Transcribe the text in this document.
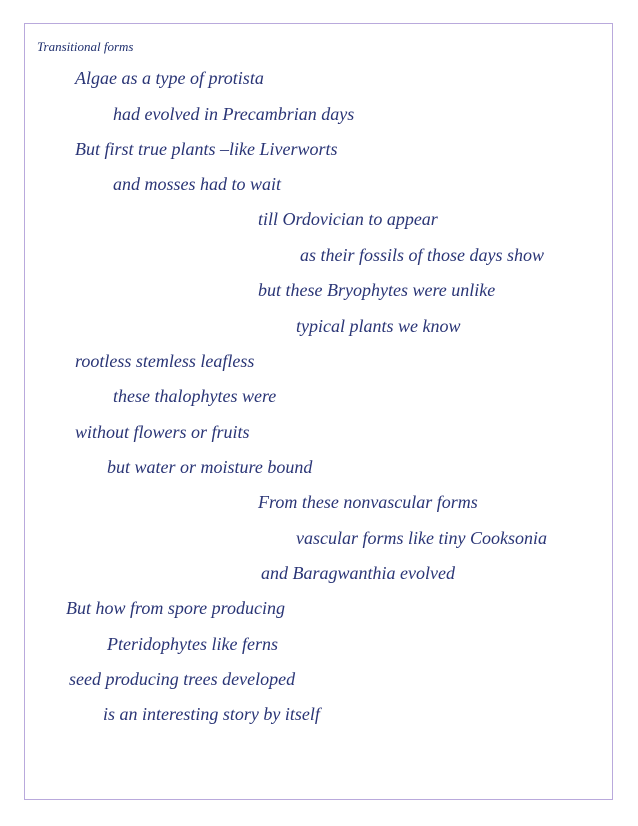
Transitional forms
Algae as a type of protista
had evolved in Precambrian days
But first true plants –like Liverworts
and mosses had to wait
till Ordovician to appear
as their fossils of those days show
but these Bryophytes were unlike
typical plants we know
rootless stemless leafless
these thalophytes were
without flowers or fruits
but water or moisture bound
From these nonvascular forms
vascular forms like tiny Cooksonia
and Baragwanthia evolved
But how from spore producing
Pteridophytes like ferns
seed producing trees developed
is an interesting story by itself
